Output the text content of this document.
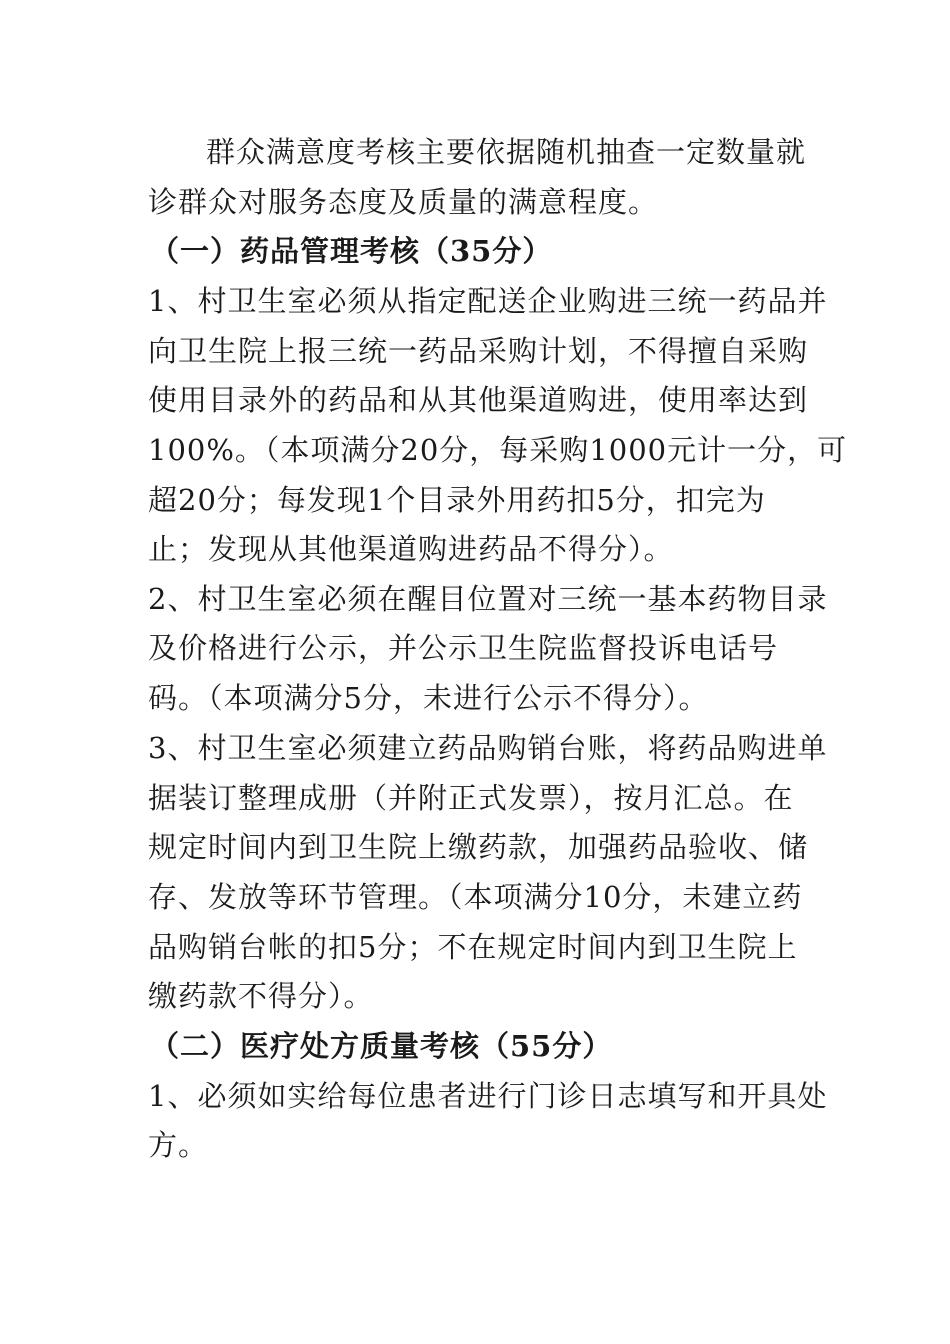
群众满意度考核主要依据随机抽查一定数量就
诊群众对服务态度及质量的满意程度。
（一）药品管理考核（35分）
1、村卫生室必须从指定配送企业购进三统一药品并
向卫生院上报三统一药品采购计划，不得擅自采购
使用目录外的药品和从其他渠道购进，使用率达到
100%。（本项满分20分，每采购1000元计一分，可
超20分；每发现1个目录外用药扣5分，扣完为
止；发现从其他渠道购进药品不得分）。
2、村卫生室必须在醒目位置对三统一基本药物目录
及价格进行公示，并公示卫生院监督投诉电话号
码。（本项满分5分，未进行公示不得分）。
3、村卫生室必须建立药品购销台账，将药品购进单
据装订整理成册（并附正式发票），按月汇总。在
规定时间内到卫生院上缴药款，加强药品验收、储
存、发放等环节管理。（本项满分10分，未建立药
品购销台帐的扣5分；不在规定时间内到卫生院上
缴药款不得分）。
（二）医疗处方质量考核（55分）
1、必须如实给每位患者进行门诊日志填写和开具处
方。
